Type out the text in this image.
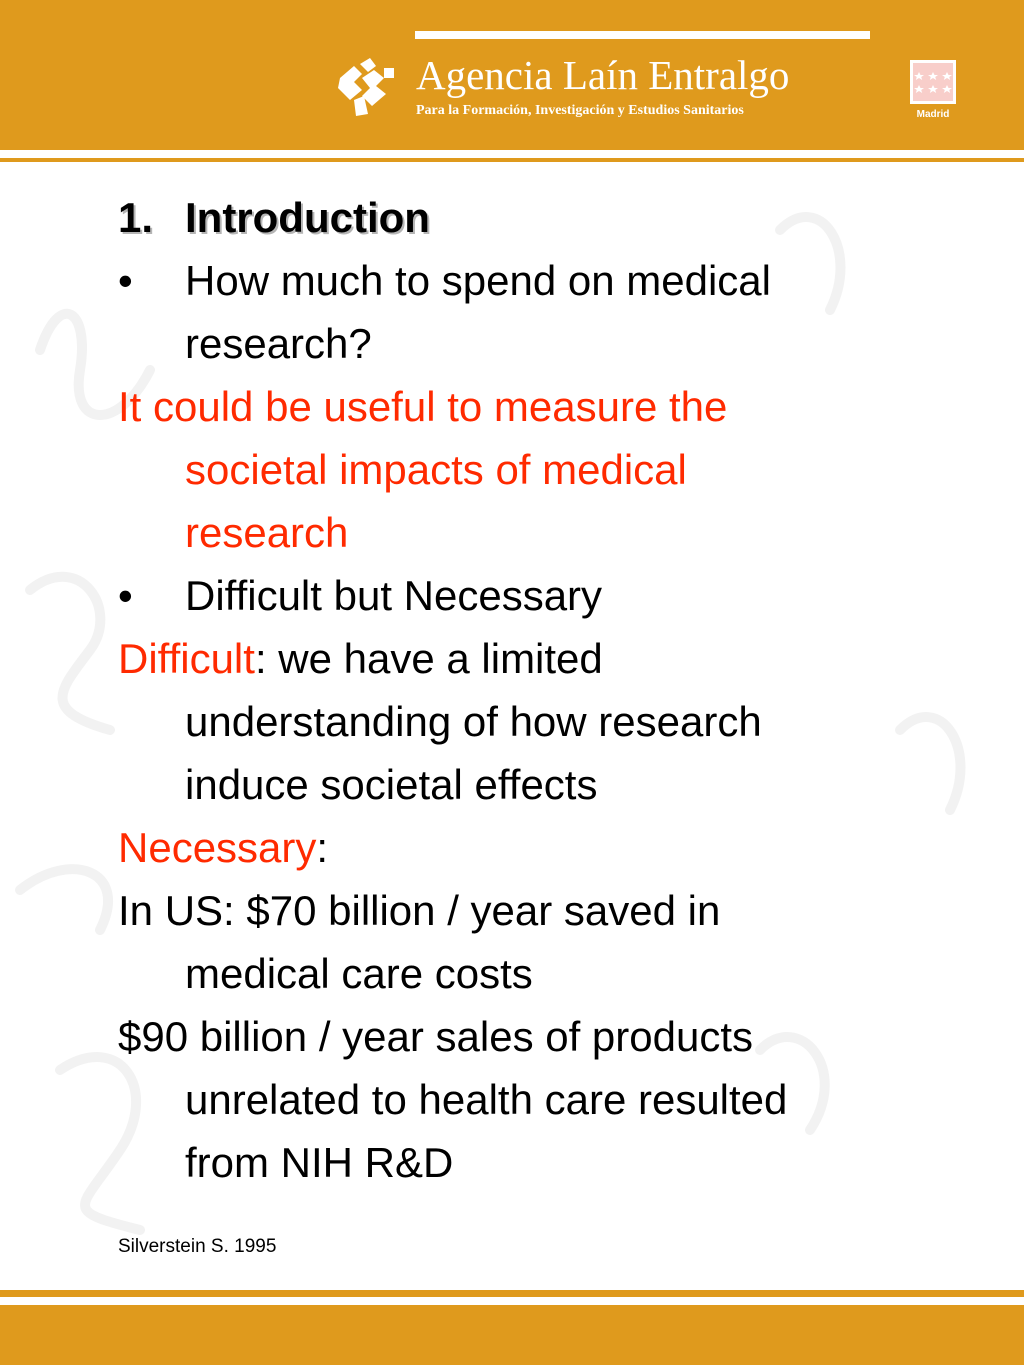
Agencia Laín Entralgo
Para la Formación, Investigación y Estudios Sanitarios	Madrid
1. Introduction
• How much to spend on medical
research?
It could be useful to measure the
societal impacts of medical
research
• Difficult but Necessary
Difficult: we have a limited
understanding of how research
induce societal effects
Necessary:
In US: $70 billion / year saved in
medical care costs
$90 billion / year sales of products
unrelated to health care resulted
from NIH R&D
Silverstein S. 1995
